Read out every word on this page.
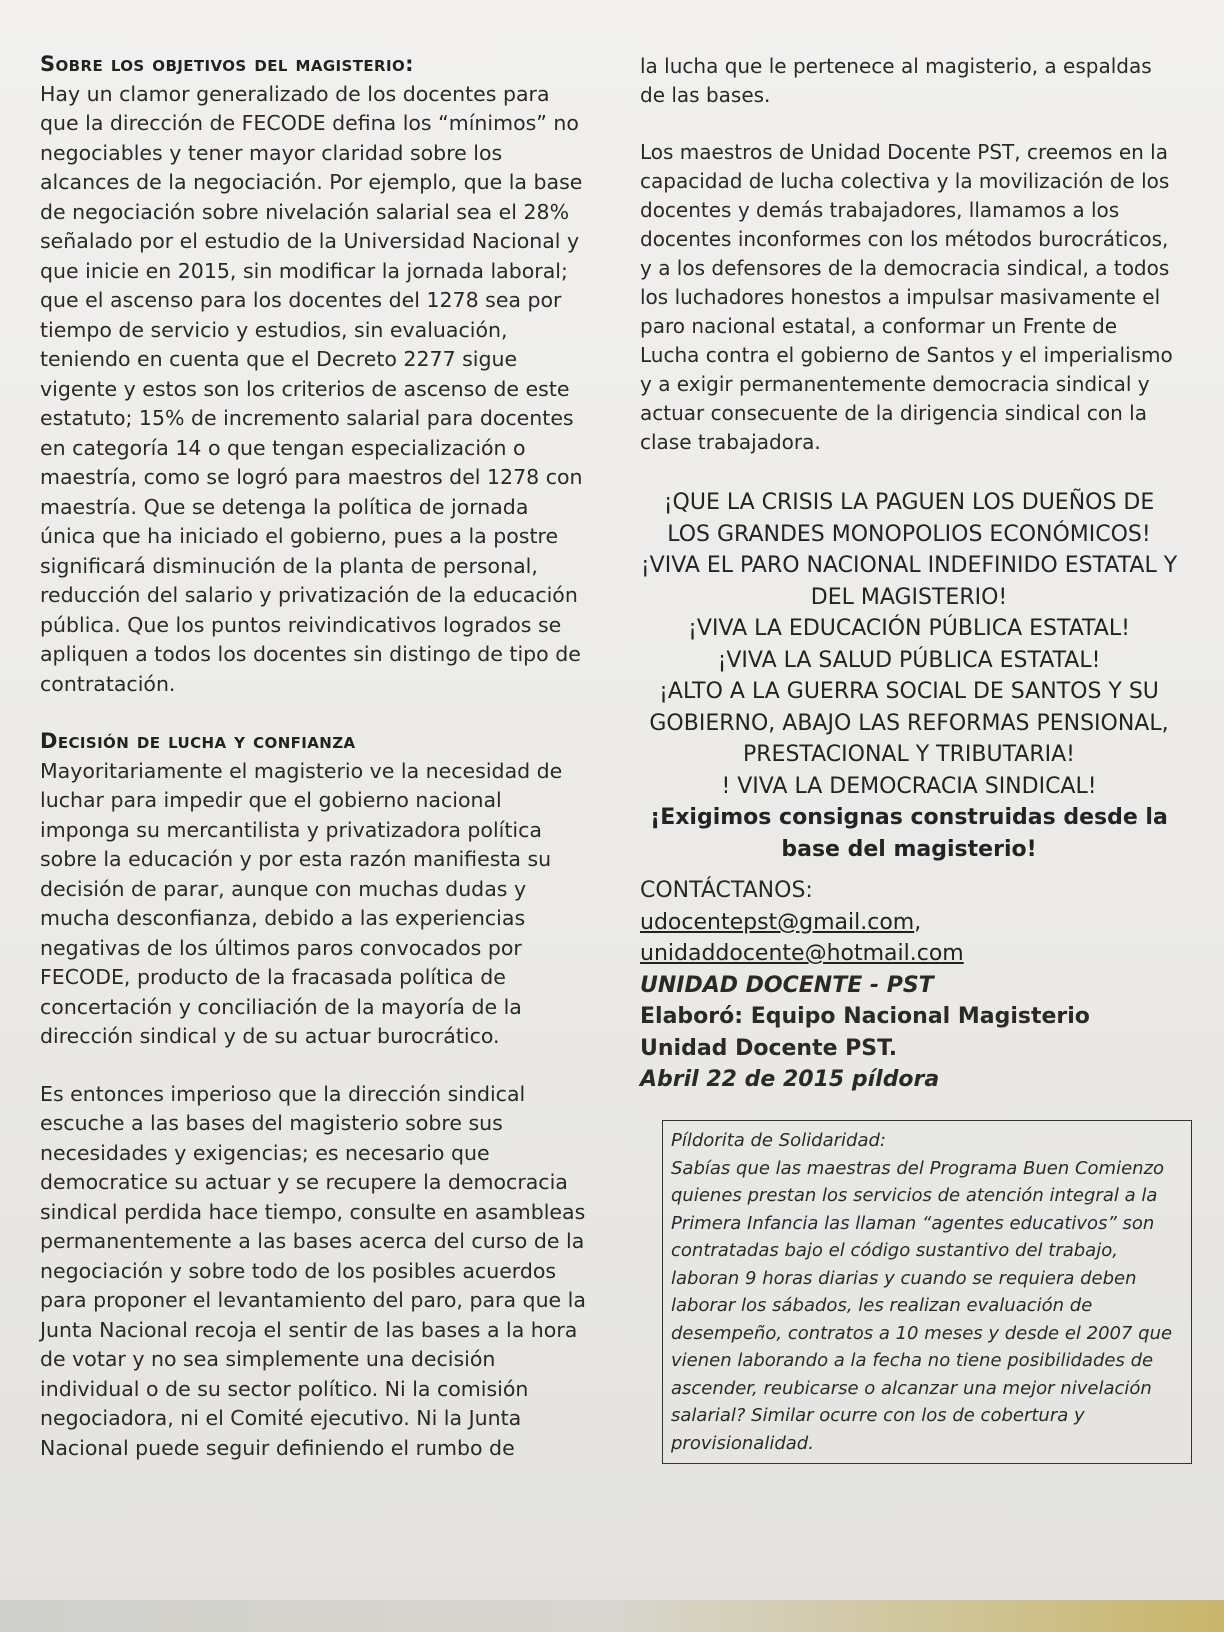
Sobre los objetivos del magisterio:

Hay un clamor generalizado de los docentes para que la dirección de FECODE defina los “mínimos” no negociables y tener mayor claridad sobre los alcances de la negociación. Por ejemplo, que la base de negociación sobre nivelación salarial sea el 28% señalado por el estudio de la Universidad Nacional y que inicie en 2015, sin modificar la jornada laboral; que el ascenso para los docentes del 1278 sea por tiempo de servicio y estudios, sin evaluación, teniendo en cuenta que el Decreto 2277 sigue vigente y estos son los criterios de ascenso de este estatuto; 15% de incremento salarial para docentes en categoría 14 o que tengan especialización o maestría, como se logró para maestros del 1278 con maestría. Que se detenga la política de jornada única que ha iniciado el gobierno, pues a la postre significará disminución de la planta de personal, reducción del salario y privatización de la educación pública. Que los puntos reivindicativos logrados se apliquen a todos los docentes sin distingo de tipo de contratación.

Decisión de lucha y confianza

Mayoritariamente el magisterio ve la necesidad de luchar para impedir que el gobierno nacional imponga su mercantilista y privatizadora política sobre la educación y por esta razón manifiesta su decisión de parar, aunque con muchas dudas y mucha desconfianza, debido a las experiencias negativas de los últimos paros convocados por FECODE, producto de la fracasada política de concertación y conciliación de la mayoría de la dirección sindical y de su actuar burocrático.

Es entonces imperioso que la dirección sindical escuche a las bases del magisterio sobre sus necesidades y exigencias; es necesario que democratice su actuar y se recupere la democracia sindical perdida hace tiempo, consulte en asambleas permanentemente a las bases acerca del curso de la negociación y sobre todo de los posibles acuerdos para proponer el levantamiento del paro, para que la Junta Nacional recoja el sentir de las bases a la hora de votar y no sea simplemente una decisión individual o de su sector político. Ni la comisión negociadora, ni el Comité ejecutivo. Ni la Junta Nacional puede seguir definiendo el rumbo de

la lucha que le pertenece al magisterio, a espaldas de las bases.

Los maestros de Unidad Docente PST, creemos en la capacidad de lucha colectiva y la movilización de los docentes y demás trabajadores, llamamos a los docentes inconformes con los métodos burocráticos, y a los defensores de la democracia sindical, a todos los luchadores honestos a impulsar masivamente el paro nacional estatal, a conformar un Frente de Lucha contra el gobierno de Santos y el imperialismo y a exigir permanentemente democracia sindical y actuar consecuente de la dirigencia sindical con la clase trabajadora.

¡QUE LA CRISIS LA PAGUEN LOS DUEÑOS DE LOS GRANDES MONOPOLIOS ECONÓMICOS!
¡VIVA EL PARO NACIONAL INDEFINIDO ESTATAL Y DEL MAGISTERIO!
¡VIVA LA EDUCACIÓN PÚBLICA ESTATAL!
¡VIVA LA SALUD PÚBLICA ESTATAL!
¡ALTO A LA GUERRA SOCIAL DE SANTOS Y SU GOBIERNO, ABAJO LAS REFORMAS PENSIONAL, PRESTACIONAL Y TRIBUTARIA!
! VIVA LA DEMOCRACIA SINDICAL!
¡Exigimos consignas construidas desde la base del magisterio!
CONTÁCTANOS:
udocentepst@gmail.com,
unidaddocente@hotmail.com
UNIDAD DOCENTE - PST
Elaboró: Equipo Nacional Magisterio Unidad Docente PST.
Abril 22 de 2015 píldora
Píldorita de Solidaridad:
Sabías que las maestras del Programa Buen Comienzo quienes prestan los servicios de atención integral a la Primera Infancia las llaman “agentes educativos” son contratadas bajo el código sustantivo del trabajo, laboran 9 horas diarias y cuando se requiera deben laborar los sábados, les realizan evaluación de desempeño, contratos a 10 meses y desde el 2007 que vienen laborando a la fecha no tiene posibilidades de ascender, reubicarse o alcanzar una mejor nivelación salarial? Similar ocurre con los de cobertura y provisionalidad.
